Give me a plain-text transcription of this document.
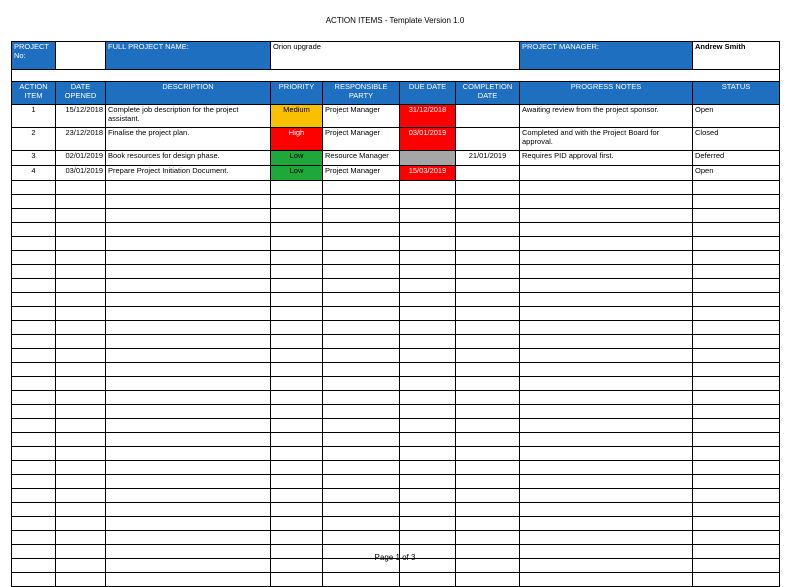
ACTION ITEMS - Template Version 1.0
PROJECT No:		FULL PROJECT NAME:	Orion upgrade				PROJECT MANAGER:	Andrew Smith

ACTION ITEM	DATE OPENED	DESCRIPTION	PRIORITY	RESPONSIBLE PARTY	DUE DATE	COMPLETION DATE	PROGRESS NOTES	STATUS
1	15/12/2018	Complete job description for the project assistant.	Medium	Project Manager	31/12/2018		Awaiting review from the project sponsor.	Open
2	23/12/2018	Finalise the project plan.	High	Project Manager	03/01/2019		Completed and with the Project Board for approval.	Closed
3	02/01/2019	Book resources for design phase.	Low	Resource Manager		21/01/2019	Requires PID approval first.	Deferred
4	03/01/2019	Prepare Project Initiation Document.	Low	Project Manager	15/03/2019			Open

Page 1 of 3
